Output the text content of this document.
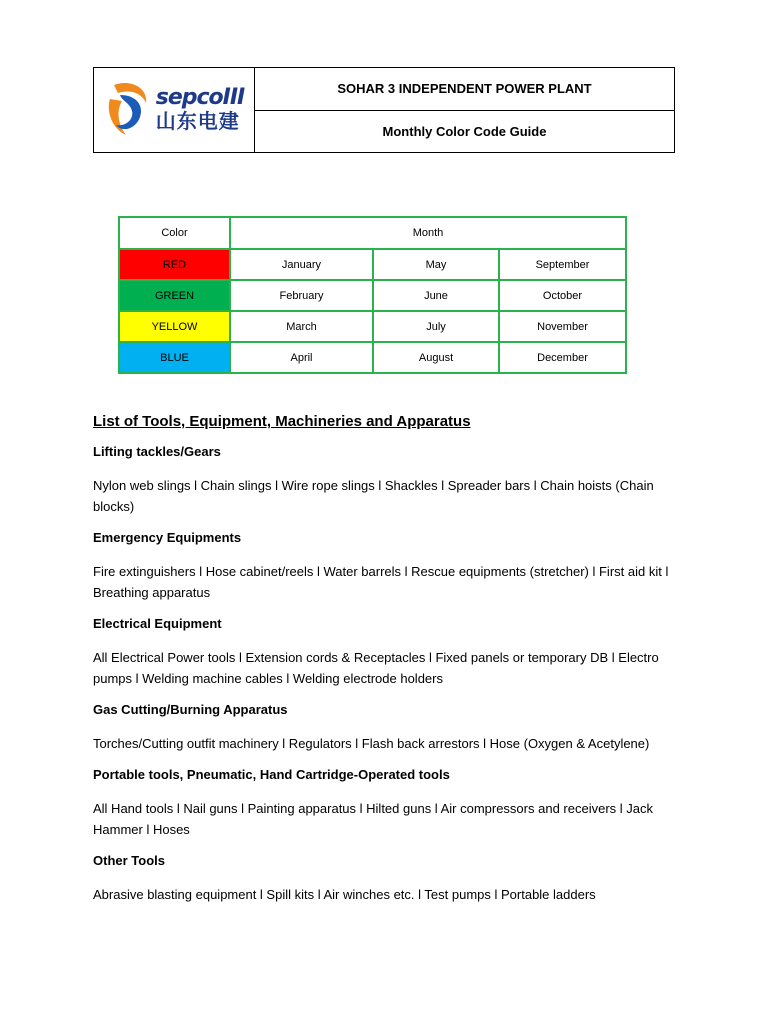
sepcoIII
山东电建
SOHAR 3 INDEPENDENT POWER PLANT
Monthly Color Code Guide
Color	Month		
RED	January	May	September
GREEN	February	June	October
YELLOW	March	July	November
BLUE	April	August	December

List of Tools, Equipment, Machineries and Apparatus

Lifting tackles/Gears

Nylon web slings l Chain slings l Wire rope slings l Shackles l Spreader bars l Chain hoists (Chain blocks)

Emergency Equipments

Fire extinguishers l Hose cabinet/reels l Water barrels l Rescue equipments (stretcher) l First aid kit l Breathing apparatus

Electrical Equipment

All Electrical Power tools l Extension cords & Receptacles l Fixed panels or temporary DB l Electro pumps l Welding machine cables l Welding electrode holders

Gas Cutting/Burning Apparatus

Torches/Cutting outfit machinery l Regulators l Flash back arrestors l Hose (Oxygen & Acetylene)

Portable tools, Pneumatic, Hand Cartridge-Operated tools

All Hand tools l Nail guns l Painting apparatus l Hilted guns l Air compressors and receivers l Jack Hammer l Hoses

Other Tools

Abrasive blasting equipment l Spill kits l Air winches etc. l Test pumps l Portable ladders
